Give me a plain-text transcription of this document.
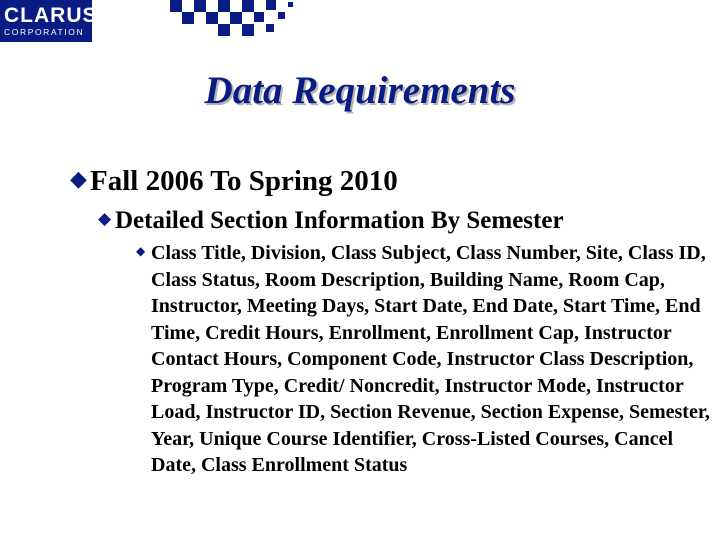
CLARUS
CORPORATION
Data Requirements
◆ Fall 2006 To Spring 2010
◆ Detailed Section Information By Semester
◆ Class Title, Division, Class Subject, Class Number, Site, Class ID, Class Status, Room Description, Building Name, Room Cap, Instructor, Meeting Days, Start Date, End Date, Start Time, End Time, Credit Hours, Enrollment, Enrollment Cap, Instructor Contact Hours, Component Code, Instructor Class Description, Program Type, Credit/ Noncredit, Instructor Mode, Instructor Load, Instructor ID, Section Revenue, Section Expense, Semester, Year, Unique Course Identifier, Cross-Listed Courses, Cancel Date, Class Enrollment Status
